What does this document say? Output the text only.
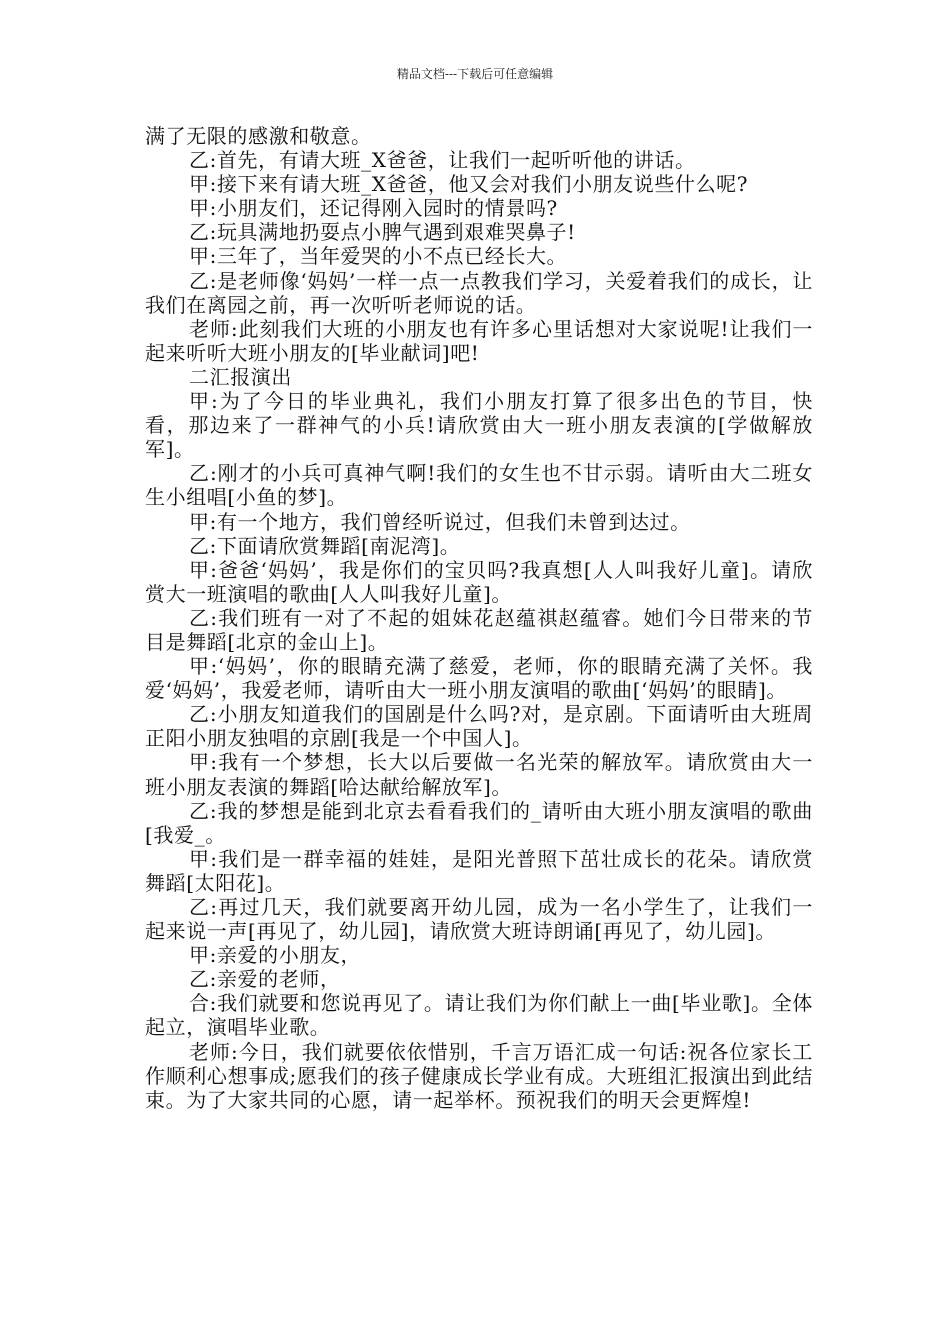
精品文档---下载后可任意编辑

满了无限的感激和敬意。

乙:首先，有请大班_X爸爸，让我们一起听听他的讲话。

甲:接下来有请大班_X爸爸，他又会对我们小朋友说些什么呢?

甲:小朋友们，还记得刚入园时的情景吗?

乙:玩具满地扔耍点小脾气遇到艰难哭鼻子!

甲:三年了，当年爱哭的小不点已经长大。

乙:是老师像‘妈妈’一样一点一点教我们学习，关爱着我们的成长，让我们在离园之前，再一次听听老师说的话。

老师:此刻我们大班的小朋友也有许多心里话想对大家说呢!让我们一起来听听大班小朋友的[毕业献词]吧!

二汇报演出

甲:为了今日的毕业典礼，我们小朋友打算了很多出色的节目，快看，那边来了一群神气的小兵!请欣赏由大一班小朋友表演的[学做解放军]。

乙:刚才的小兵可真神气啊!我们的女生也不甘示弱。请听由大二班女生小组唱[小鱼的梦]。

甲:有一个地方，我们曾经听说过，但我们未曾到达过。

乙:下面请欣赏舞蹈[南泥湾]。

甲:爸爸‘妈妈’，我是你们的宝贝吗?我真想[人人叫我好儿童]。请欣赏大一班演唱的歌曲[人人叫我好儿童]。

乙:我们班有一对了不起的姐妹花赵蕴祺赵蕴睿。她们今日带来的节目是舞蹈[北京的金山上]。

甲:‘妈妈’，你的眼睛充满了慈爱，老师，你的眼睛充满了关怀。我爱‘妈妈’，我爱老师，请听由大一班小朋友演唱的歌曲[‘妈妈’的眼睛]。

乙:小朋友知道我们的国剧是什么吗?对，是京剧。下面请听由大班周正阳小朋友独唱的京剧[我是一个中国人]。

甲:我有一个梦想，长大以后要做一名光荣的解放军。请欣赏由大一班小朋友表演的舞蹈[哈达献给解放军]。

乙:我的梦想是能到北京去看看我们的_请听由大班小朋友演唱的歌曲[我爱_。

甲:我们是一群幸福的娃娃，是阳光普照下茁壮成长的花朵。请欣赏舞蹈[太阳花]。

乙:再过几天，我们就要离开幼儿园，成为一名小学生了，让我们一起来说一声[再见了，幼儿园]，请欣赏大班诗朗诵[再见了，幼儿园]。

甲:亲爱的小朋友，

乙:亲爱的老师，

合:我们就要和您说再见了。请让我们为你们献上一曲[毕业歌]。全体起立，演唱毕业歌。

老师:今日，我们就要依依惜别，千言万语汇成一句话:祝各位家长工作顺利心想事成;愿我们的孩子健康成长学业有成。大班组汇报演出到此结束。为了大家共同的心愿，请一起举杯。预祝我们的明天会更辉煌!
